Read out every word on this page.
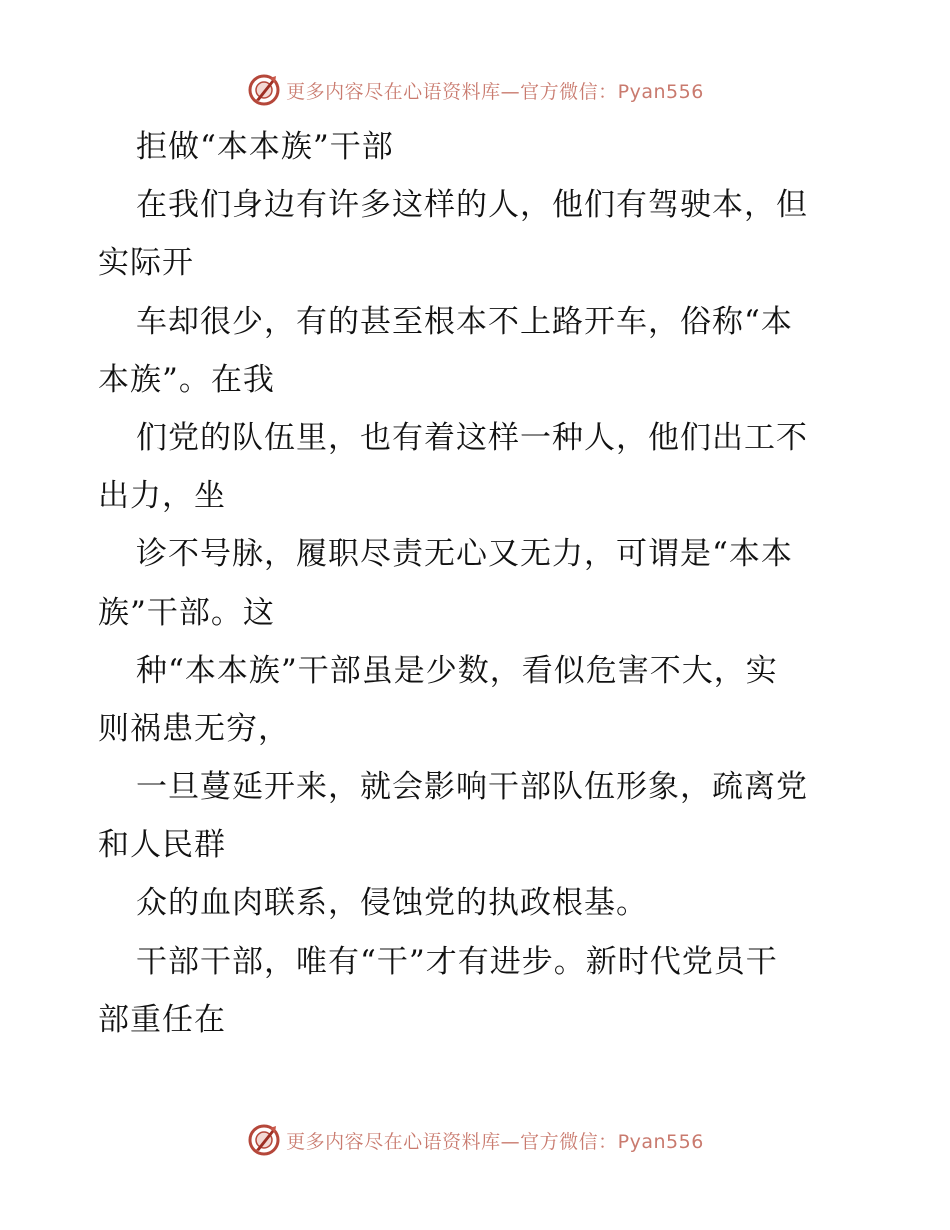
更多内容尽在心语资料库—官方微信：Pyan556
拒做“本本族”干部
在我们身边有许多这样的人，他们有驾驶本，但
实际开
车却很少，有的甚至根本不上路开车，俗称“本
本族”。在我
们党的队伍里，也有着这样一种人，他们出工不
出力，坐
诊不号脉，履职尽责无心又无力，可谓是“本本
族”干部。这
种“本本族”干部虽是少数，看似危害不大，实
则祸患无穷，
一旦蔓延开来，就会影响干部队伍形象，疏离党
和人民群
众的血肉联系，侵蚀党的执政根基。
干部干部，唯有“干”才有进步。新时代党员干
部重任在
更多内容尽在心语资料库—官方微信：Pyan556
